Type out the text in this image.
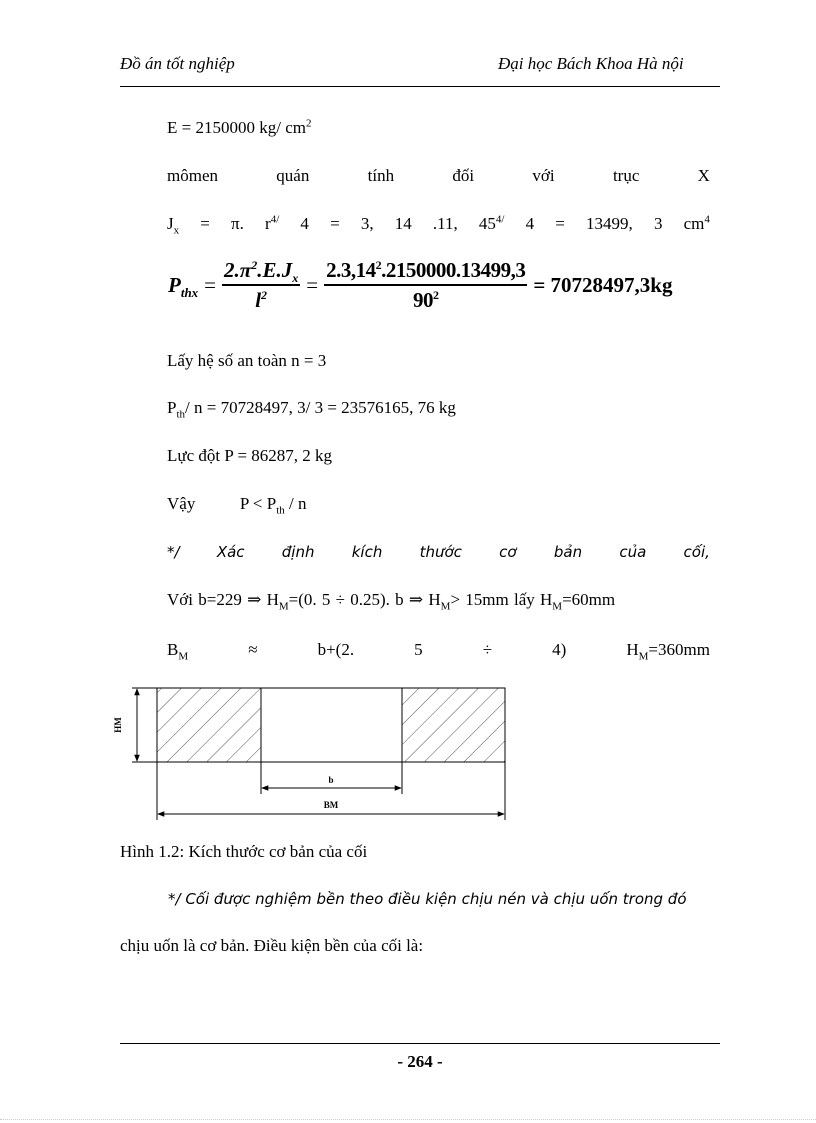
Đồ án tốt nghiệp	Đại học Bách Khoa Hà nội
E = 2150000 kg/ $cm^2$
mômen	quán	tính	đối	với	trục	X
$J_x = \pi$. $r^{4/}$ 4 = 3, 14 .11, $45^{4/}$ 4 = 13499, 3 $cm^4$
$P_{thx} = \frac{2.\pi^2.E.J_x}{l^2} = \frac{2.3,14^2.2150000.13499,3}{90^2} = 70728497,3kg$
Lấy hệ số an toàn n = 3
$P_{th}/$ n = 70728497, 3/ 3 = 23576165, 76 kg
Lực đột P = 86287, 2 kg
Vậy	$P < P_{th} / n$
*/ Xác định kích thước cơ bản của cối,
Với b=229 ⇒ $H_M=(0$. 5 ÷ 0.25). b ⇒ $H_M> 15mm$ lấy $H_M=60mm$
$B_M$	≈	b+(2.	5	÷	4)	$H_M=360mm$
HM
b
BM
Hình 1.2: Kích thước cơ bản của cối
*/ Cối được nghiệm bền theo điều kiện chịu nén và chịu uốn trong đó
chịu uốn là cơ bản. Điều kiện bền của cối là:
- 264 -
